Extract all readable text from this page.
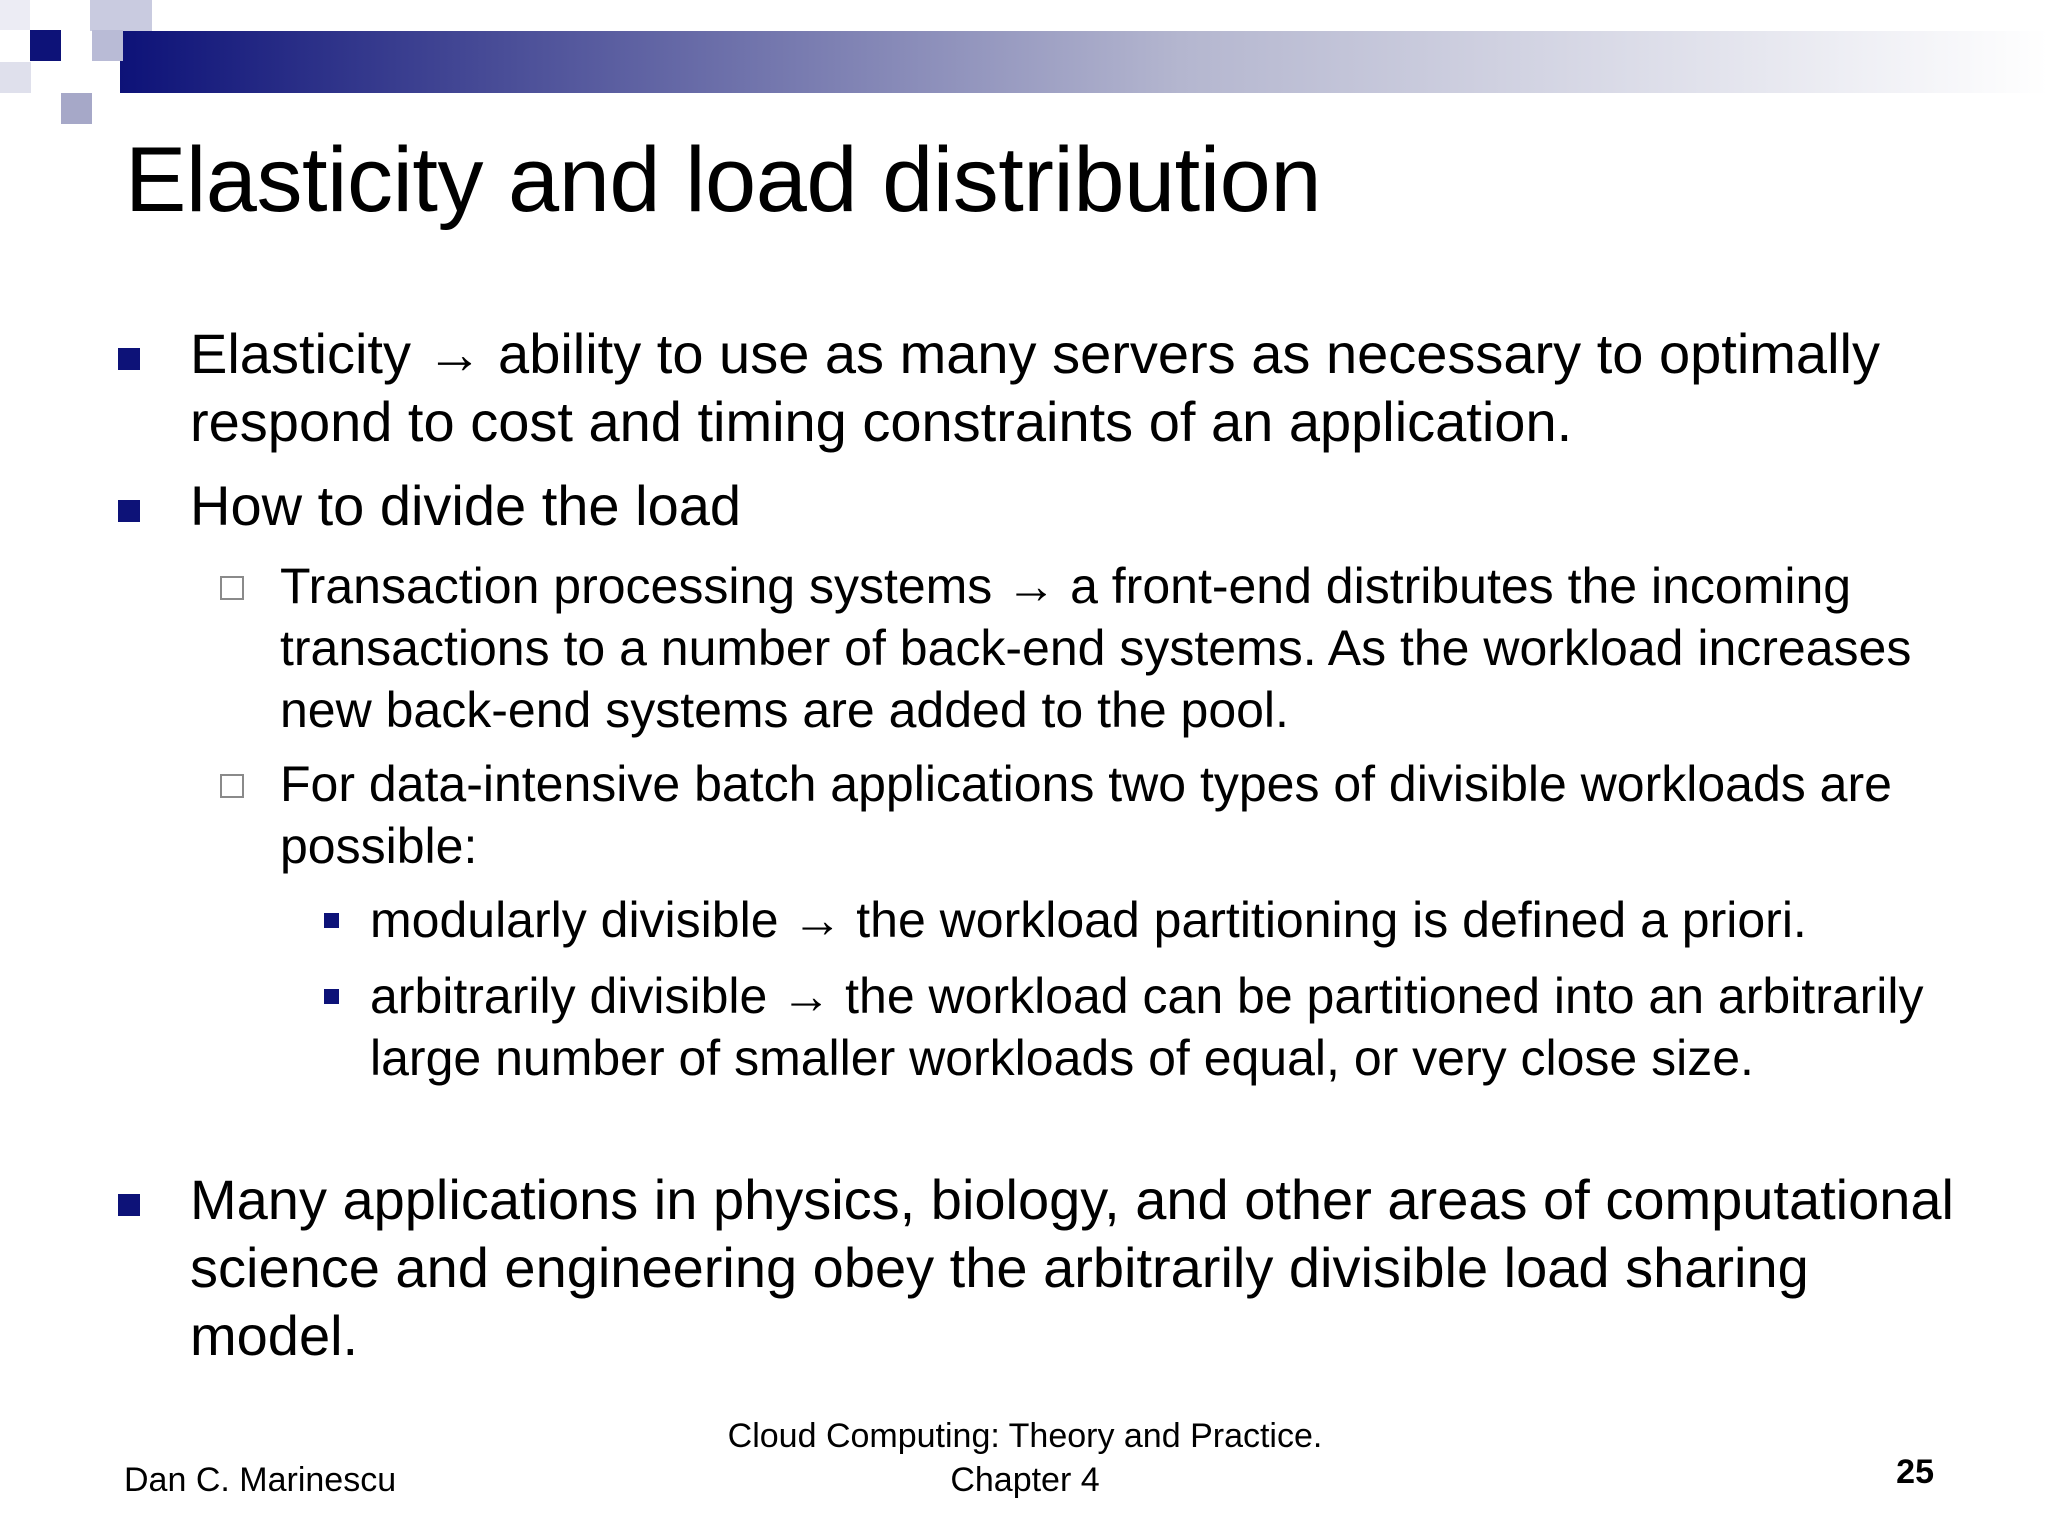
Elasticity and load distribution
Elasticity → ability to use as many servers as necessary to optimally respond to cost and timing constraints of an application.
How to divide the load
Transaction processing systems → a front-end distributes the incoming transactions to a number of back-end systems. As the workload increases new back-end systems are added to the pool.
For data-intensive batch applications two types of divisible workloads are possible:
modularly divisible → the workload partitioning is defined a priori.
arbitrarily divisible → the workload can be partitioned into an arbitrarily large number of smaller workloads of equal, or very close size.
Many applications in physics, biology, and other areas of computational science and engineering obey the arbitrarily divisible load sharing model.
Dan C. Marinescu
Cloud Computing: Theory and Practice.
Chapter 4	25
